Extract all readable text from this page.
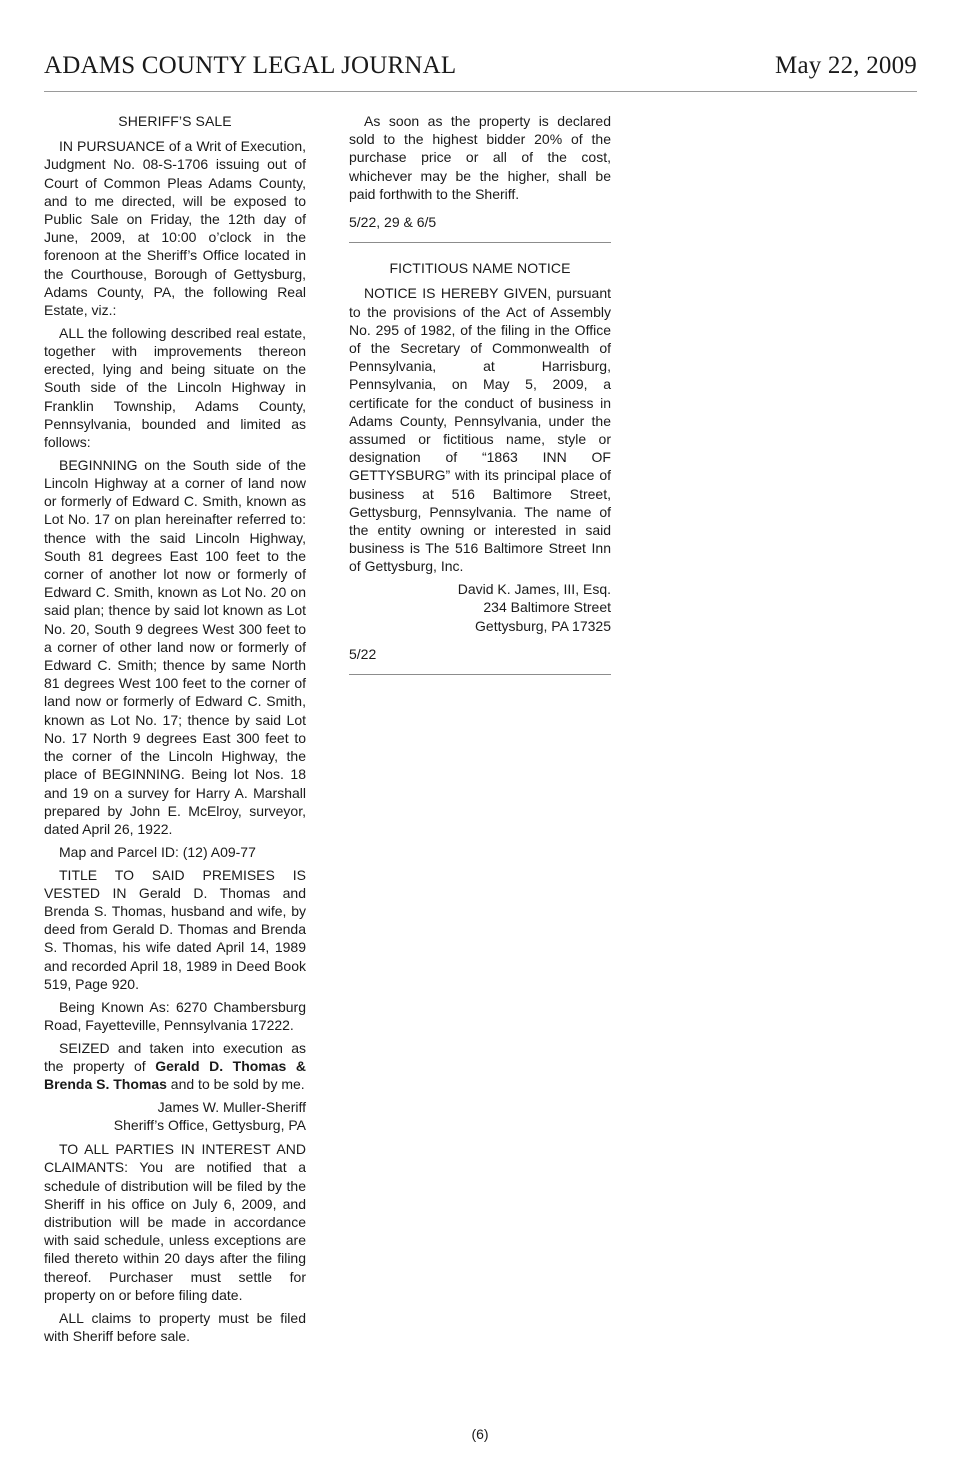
ADAMS COUNTY LEGAL JOURNAL	May 22, 2009

SHERIFF’S SALE

IN PURSUANCE of a Writ of Execution, Judgment No. 08-S-1706 issuing out of Court of Common Pleas Adams County, and to me directed, will be exposed to Public Sale on Friday, the 12th day of June, 2009, at 10:00 o’clock in the forenoon at the Sheriff’s Office located in the Courthouse, Borough of Gettysburg, Adams County, PA, the following Real Estate, viz.:

ALL the following described real estate, together with improvements thereon erected, lying and being situate on the South side of the Lincoln Highway in Franklin Township, Adams County, Pennsylvania, bounded and limited as follows:

BEGINNING on the South side of the Lincoln Highway at a corner of land now or formerly of Edward C. Smith, known as Lot No. 17 on plan hereinafter referred to: thence with the said Lincoln Highway, South 81 degrees East 100 feet to the corner of another lot now or formerly of Edward C. Smith, known as Lot No. 20 on said plan; thence by said lot known as Lot No. 20, South 9 degrees West 300 feet to a corner of other land now or formerly of Edward C. Smith; thence by same North 81 degrees West 100 feet to the corner of land now or formerly of Edward C. Smith, known as Lot No. 17; thence by said Lot No. 17 North 9 degrees East 300 feet to the corner of the Lincoln Highway, the place of BEGINNING. Being lot Nos. 18 and 19 on a survey for Harry A. Marshall prepared by John E. McElroy, surveyor, dated April 26, 1922.

Map and Parcel ID: (12) A09-77

TITLE TO SAID PREMISES IS VESTED IN Gerald D. Thomas and Brenda S. Thomas, husband and wife, by deed from Gerald D. Thomas and Brenda S. Thomas, his wife dated April 14, 1989 and recorded April 18, 1989 in Deed Book 519, Page 920.

Being Known As: 6270 Chambersburg Road, Fayetteville, Pennsylvania 17222.

SEIZED and taken into execution as the property of Gerald D. Thomas & Brenda S. Thomas and to be sold by me.

James W. Muller-Sheriff

Sheriff’s Office, Gettysburg, PA

TO ALL PARTIES IN INTEREST AND CLAIMANTS: You are notified that a schedule of distribution will be filed by the Sheriff in his office on July 6, 2009, and distribution will be made in accordance with said schedule, unless exceptions are filed thereto within 20 days after the filing thereof. Purchaser must settle for property on or before filing date.

ALL claims to property must be filed with Sheriff before sale.

As soon as the property is declared sold to the highest bidder 20% of the purchase price or all of the cost, whichever may be the higher, shall be paid forthwith to the Sheriff.

5/22, 29 & 6/5

FICTITIOUS NAME NOTICE

NOTICE IS HEREBY GIVEN, pursuant to the provisions of the Act of Assembly No. 295 of 1982, of the filing in the Office of the Secretary of Commonwealth of Pennsylvania, at Harrisburg, Pennsylvania, on May 5, 2009, a certificate for the conduct of business in Adams County, Pennsylvania, under the assumed or fictitious name, style or designation of “1863 INN OF GETTYSBURG” with its principal place of business at 516 Baltimore Street, Gettysburg, Pennsylvania. The name of the entity owning or interested in said business is The 516 Baltimore Street Inn of Gettysburg, Inc.

David K. James, III, Esq.

234 Baltimore Street

Gettysburg, PA 17325

5/22

(6)
